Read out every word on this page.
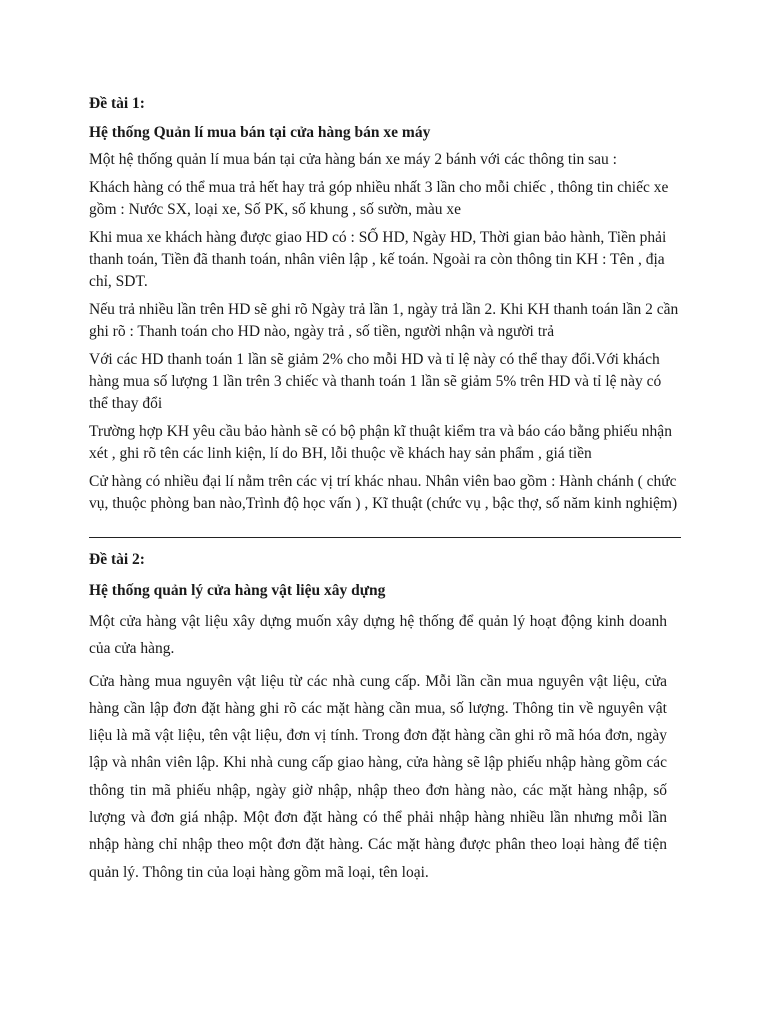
Đề tài 1:

Hệ thống Quản lí mua bán tại cửa hàng bán xe máy

Một hệ thống quản lí mua bán tại cửa hàng bán xe máy 2 bánh với các thông tin sau :

Khách hàng có thể mua trả hết hay trả góp nhiều nhất 3 lần cho mỗi chiếc , thông tin chiếc xe gồm : Nước SX, loại xe, Số PK, số khung , số sườn, màu xe

Khi mua xe khách hàng được giao HD có : SỐ HD, Ngày HD, Thời gian bảo hành, Tiền phải thanh toán, Tiền đã thanh toán, nhân viên lập , kế toán. Ngoài ra còn thông tin KH : Tên , địa chỉ, SDT.

Nếu trả nhiều lần trên HD sẽ ghi rõ Ngày trả lần 1, ngày trả lần 2. Khi KH thanh toán lần 2 cần ghi rõ : Thanh toán cho HD nào, ngày trả , số tiền, người nhận và người trả

Với các HD thanh toán 1 lần sẽ giảm 2% cho mỗi HD và tỉ lệ này có thể thay đổi.Với khách hàng mua số lượng 1 lần trên 3 chiếc và thanh toán 1 lần sẽ giảm 5% trên HD và tỉ lệ này có thể thay đổi

Trường hợp KH yêu cầu bảo hành sẽ có bộ phận kĩ thuật kiểm tra và báo cáo bằng phiếu nhận xét , ghi rõ tên các linh kiện, lí do BH, lỗi thuộc về khách hay sản phẩm , giá tiền

Cử hàng có nhiều đại lí nằm trên các vị trí khác nhau. Nhân viên bao gồm : Hành chánh ( chức vụ, thuộc phòng ban nào,Trình độ học vấn ) , Kĩ thuật (chức vụ , bậc thợ, số năm kinh nghiệm)

Đề tài 2:

Hệ thống quản lý cửa hàng vật liệu xây dựng

Một cửa hàng vật liệu xây dựng muốn xây dựng hệ thống để quản lý hoạt động kinh doanh của cửa hàng.

Cửa hàng mua nguyên vật liệu từ các nhà cung cấp. Mỗi lần cần mua nguyên vật liệu, cửa hàng cần lập đơn đặt hàng ghi rõ các mặt hàng cần mua, số lượng. Thông tin về nguyên vật liệu là mã vật liệu, tên vật liệu, đơn vị tính. Trong đơn đặt hàng cần ghi rõ mã hóa đơn, ngày lập và nhân viên lập. Khi nhà cung cấp giao hàng, cửa hàng sẽ lập phiếu nhập hàng gồm các thông tin mã phiếu nhập, ngày giờ nhập, nhập theo đơn hàng nào, các mặt hàng nhập, số lượng và đơn giá nhập. Một đơn đặt hàng có thể phải nhập hàng nhiều lần nhưng mỗi lần nhập hàng chỉ nhập theo một đơn đặt hàng. Các mặt hàng được phân theo loại hàng để tiện quản lý. Thông tin của loại hàng gồm mã loại, tên loại.
